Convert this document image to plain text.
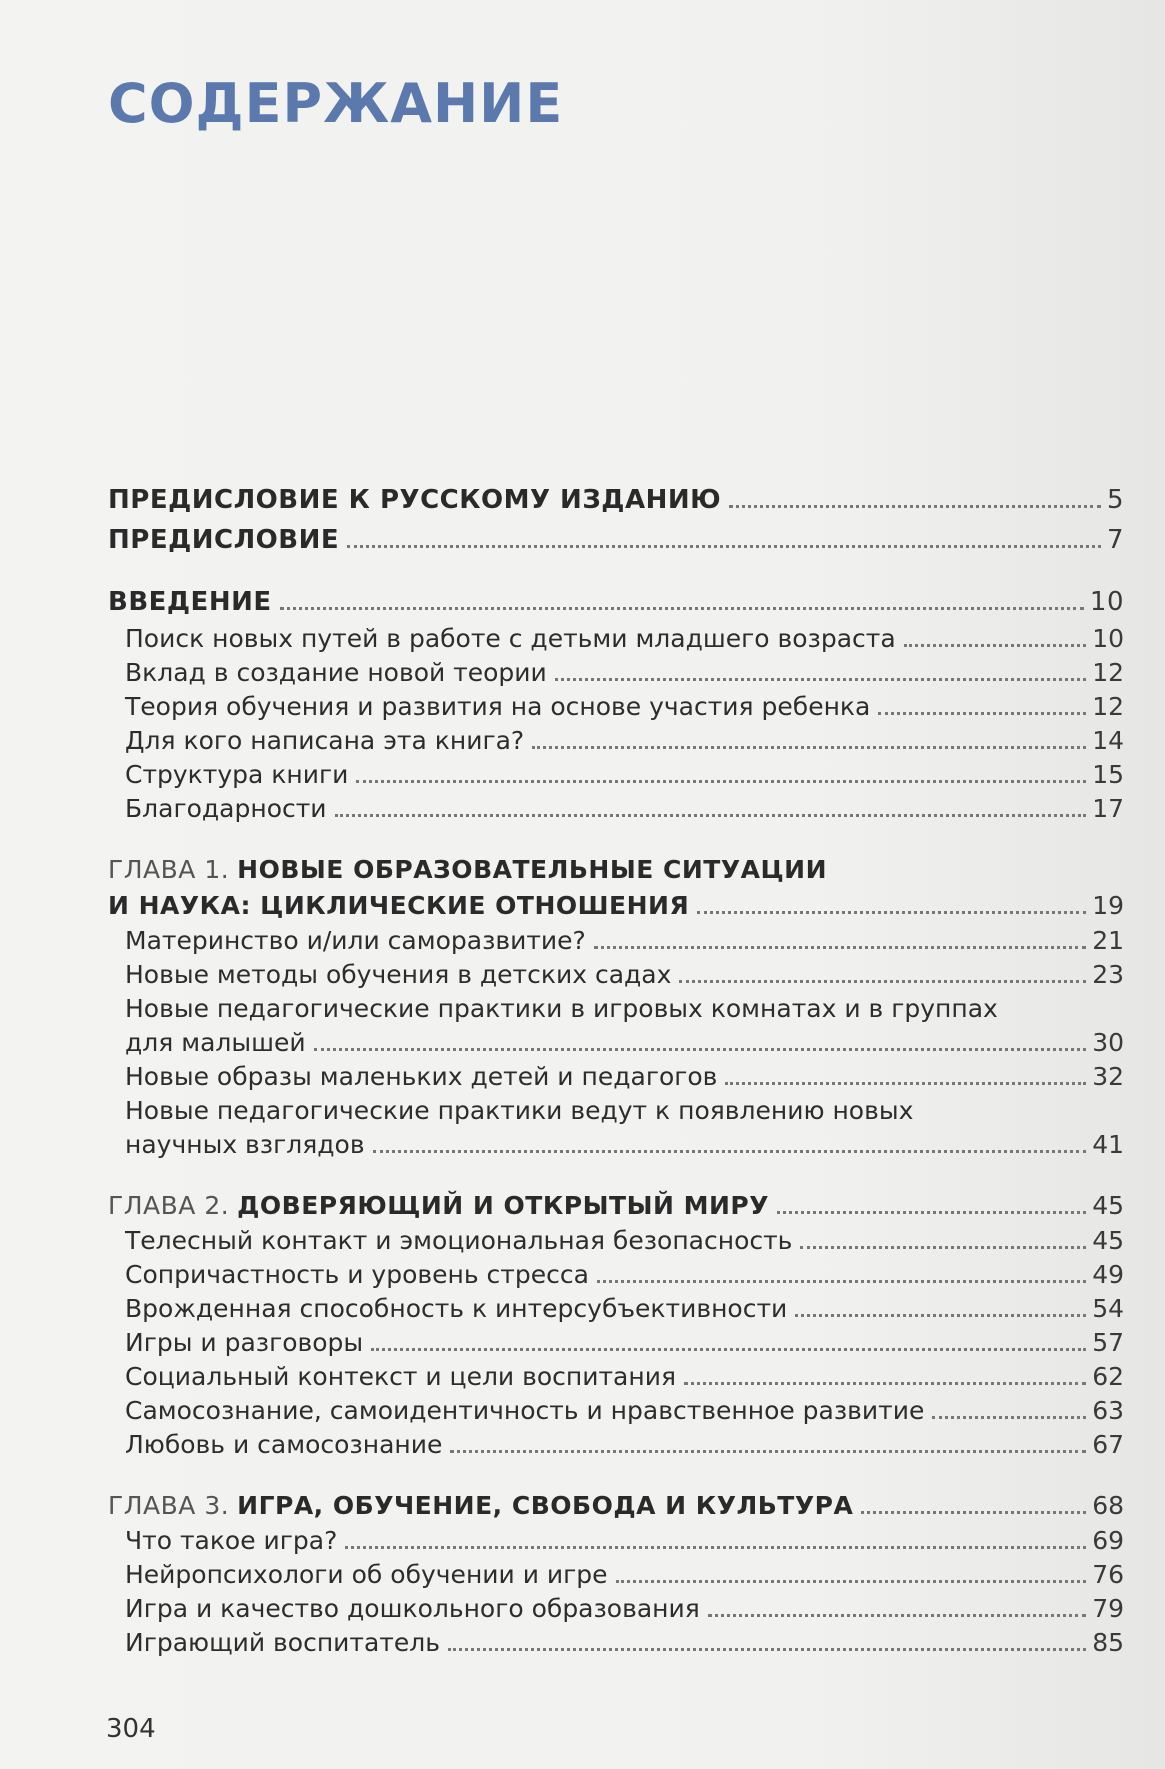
СОДЕРЖАНИЕ
ПРЕДИСЛОВИЕ К РУССКОМУ ИЗДАНИЮ	5
ПРЕДИСЛОВИЕ	7
ВВЕДЕНИЕ	10
Поиск новых путей в работе с детьми младшего возраста	10
Вклад в создание новой теории	12
Теория обучения и развития на основе участия ребенка	12
Для кого написана эта книга?	14
Структура книги	15
Благодарности	17
ГЛАВА 1. НОВЫЕ ОБРАЗОВАТЕЛЬНЫЕ СИТУАЦИИ
И НАУКА: ЦИКЛИЧЕСКИЕ ОТНОШЕНИЯ	19
Материнство и/или саморазвитие?	21
Новые методы обучения в детских садах	23
Новые педагогические практики в игровых комнатах и в группах
для малышей	30
Новые образы маленьких детей и педагогов	32
Новые педагогические практики ведут к появлению новых
научных взглядов	41
ГЛАВА 2. ДОВЕРЯЮЩИЙ И ОТКРЫТЫЙ МИРУ	45
Телесный контакт и эмоциональная безопасность	45
Сопричастность и уровень стресса	49
Врожденная способность к интерсубъективности	54
Игры и разговоры	57
Социальный контекст и цели воспитания	62
Самосознание, самоидентичность и нравственное развитие	63
Любовь и самосознание	67
ГЛАВА 3. ИГРА, ОБУЧЕНИЕ, СВОБОДА И КУЛЬТУРА	68
Что такое игра?	69
Нейропсихологи об обучении и игре	76
Игра и качество дошкольного образования	79
Играющий воспитатель	85
304
